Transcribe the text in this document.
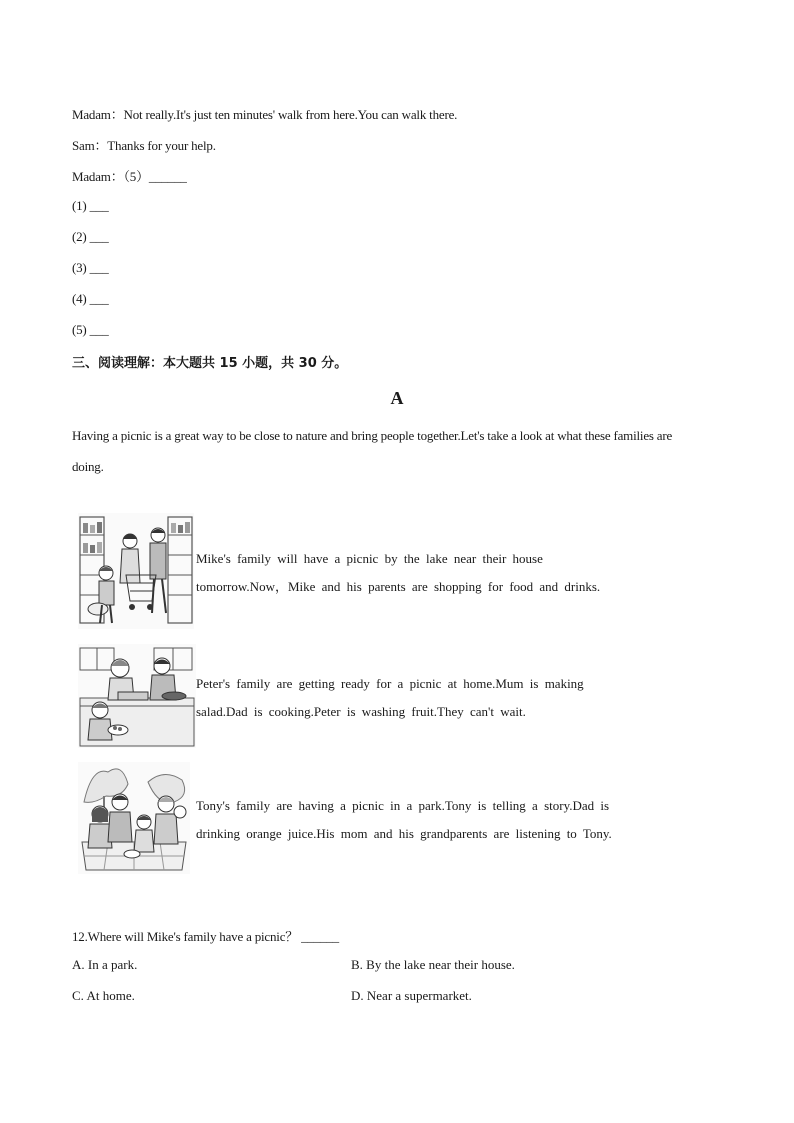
Madam：Not really.It's just ten minutes' walk from here.You can walk there.
Sam：Thanks for your help.
Madam：（5）______
(1) ___
(2) ___
(3) ___
(4) ___
(5) ___
三、阅读理解：本大题共 15 小题，共 30 分。
A
Having a picnic is a great way to be close to nature and bring people together.Let's take a look at what these families are doing.
Mike's family will have a picnic by the lake near their house
tomorrow.Now，Mike and his parents are shopping for food and drinks.
Peter's family are getting ready for a picnic at home.Mum is making
salad.Dad is cooking.Peter is washing fruit.They can't wait.
Tony's family are having a picnic in a park.Tony is telling a story.Dad is
drinking orange juice.His mom and his grandparents are listening to Tony.
12.Where will Mike's family have a picnic？ ______
A. In a park.	B. By the lake near their house.
C. At home.	D. Near a supermarket.
